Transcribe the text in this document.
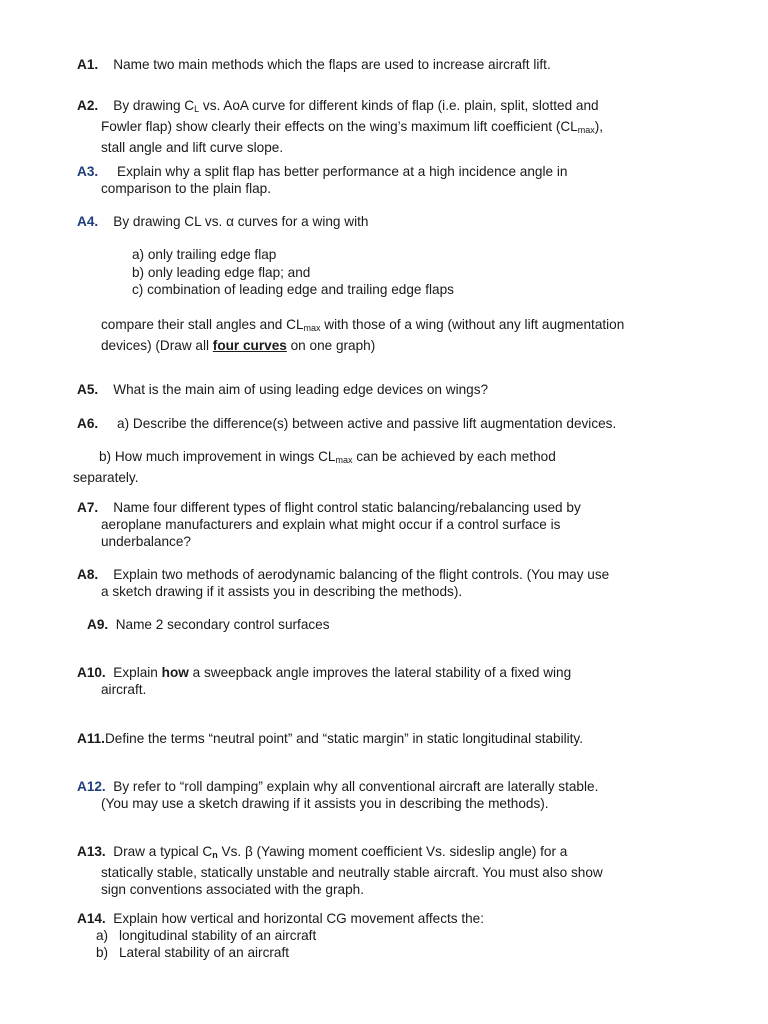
A1. Name two main methods which the flaps are used to increase aircraft lift.
A2. By drawing $C_L$ vs. AoA curve for different kinds of flap (i.e. plain, split, slotted and
Fowler flap) show clearly their effects on the wing’s maximum lift coefficient $(CL_{max})$,
stall angle and lift curve slope.
A3. Explain why a split flap has better performance at a high incidence angle in
comparison to the plain flap.
A4. By drawing CL vs. α curves for a wing with
a) only trailing edge flap
b) only leading edge flap; and
c) combination of leading edge and trailing edge flaps
compare their stall angles and $CL_{max}$ with those of a wing (without any lift augmentation
devices) (Draw all four curves on one graph)
A5. What is the main aim of using leading edge devices on wings?
A6. a) Describe the difference(s) between active and passive lift augmentation devices.
b) How much improvement in wings $CL_{max}$ can be achieved by each method
separately.
A7. Name four different types of flight control static balancing/rebalancing used by
aeroplane manufacturers and explain what might occur if a control surface is
underbalance?
A8. Explain two methods of aerodynamic balancing of the flight controls. (You may use
a sketch drawing if it assists you in describing the methods).
A9. Name 2 secondary control surfaces
A10. Explain how a sweepback angle improves the lateral stability of a fixed wing
aircraft.
A11.Define the terms “neutral point” and “static margin” in static longitudinal stability.
A12. By refer to “roll damping” explain why all conventional aircraft are laterally stable.
(You may use a sketch drawing if it assists you in describing the methods).
A13. Draw a typical $C_n$ Vs. β (Yawing moment coefficient Vs. sideslip angle) for a
statically stable, statically unstable and neutrally stable aircraft. You must also show
sign conventions associated with the graph.
A14. Explain how vertical and horizontal CG movement affects the:
a) longitudinal stability of an aircraft
b) Lateral stability of an aircraft
